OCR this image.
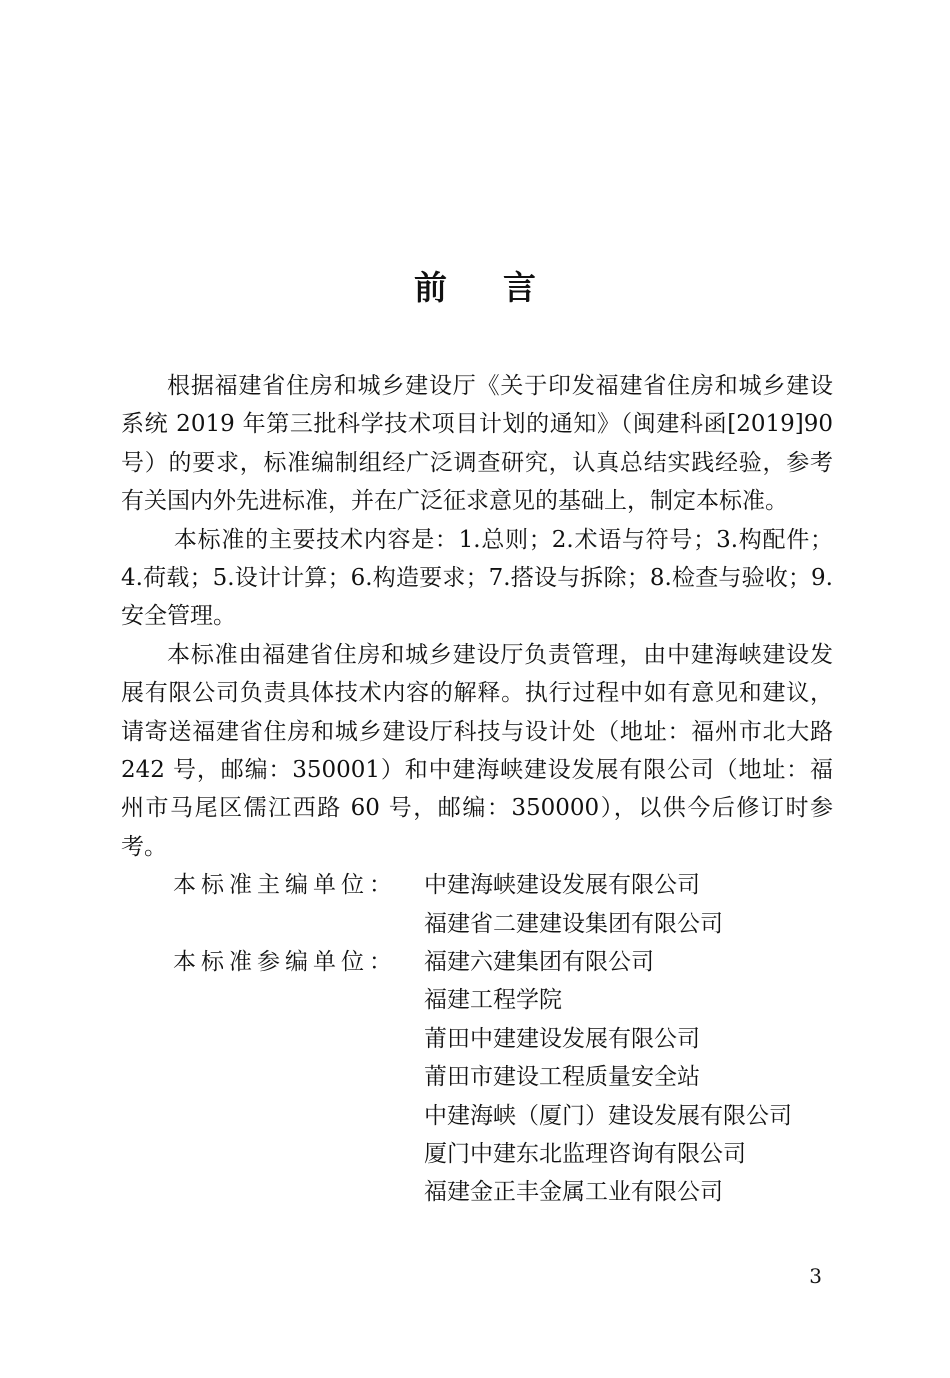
前言

根据福建省住房和城乡建设厅《关于印发福建省住房和城乡建设系统 2019 年第三批科学技术项目计划的通知》（闽建科函[2019]90 号）的要求，标准编制组经广泛调查研究，认真总结实践经验，参考有关国内外先进标准，并在广泛征求意见的基础上，制定本标准。

本标准的主要技术内容是：1.总则；2.术语与符号；3.构配件；4.荷载；5.设计计算；6.构造要求；7.搭设与拆除；8.检查与验收；9.安全管理。

本标准由福建省住房和城乡建设厅负责管理，由中建海峡建设发展有限公司负责具体技术内容的解释。执行过程中如有意见和建议，请寄送福建省住房和城乡建设厅科技与设计处（地址：福州市北大路 242 号，邮编：350001）和中建海峡建设发展有限公司（地址：福州市马尾区儒江西路 60 号，邮编：350000），以供今后修订时参考。

本标准主编单位：	中建海峡建设发展有限公司
福建省二建建设集团有限公司
本标准参编单位：	福建六建集团有限公司
福建工程学院
莆田中建建设发展有限公司
莆田市建设工程质量安全站
中建海峡（厦门）建设发展有限公司
厦门中建东北监理咨询有限公司
福建金正丰金属工业有限公司
3
